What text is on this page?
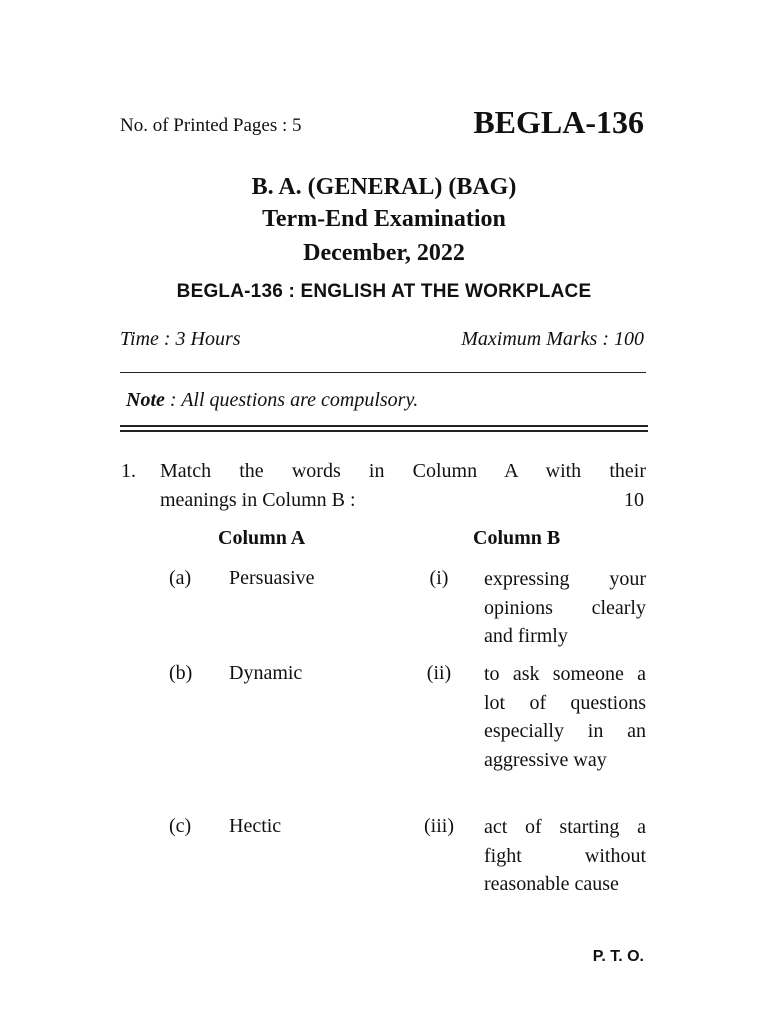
No. of Printed Pages : 5	BEGLA-136
B. A. (GENERAL) (BAG)
Term-End Examination
December, 2022
BEGLA-136 : ENGLISH AT THE WORKPLACE
Time : 3 Hours	Maximum Marks : 100
Note : All questions are compulsory.
1. Match the words in Column A with their
meanings in Column B :	10
Column A	Column B
(a) Persuasive	(i)	expressing your opinions clearly and firmly
(b) Dynamic	(ii)	to ask someone a lot of questions especially in an aggressive way
(c) Hectic	(iii) act of starting a fight without reasonable cause
P. T. O.
